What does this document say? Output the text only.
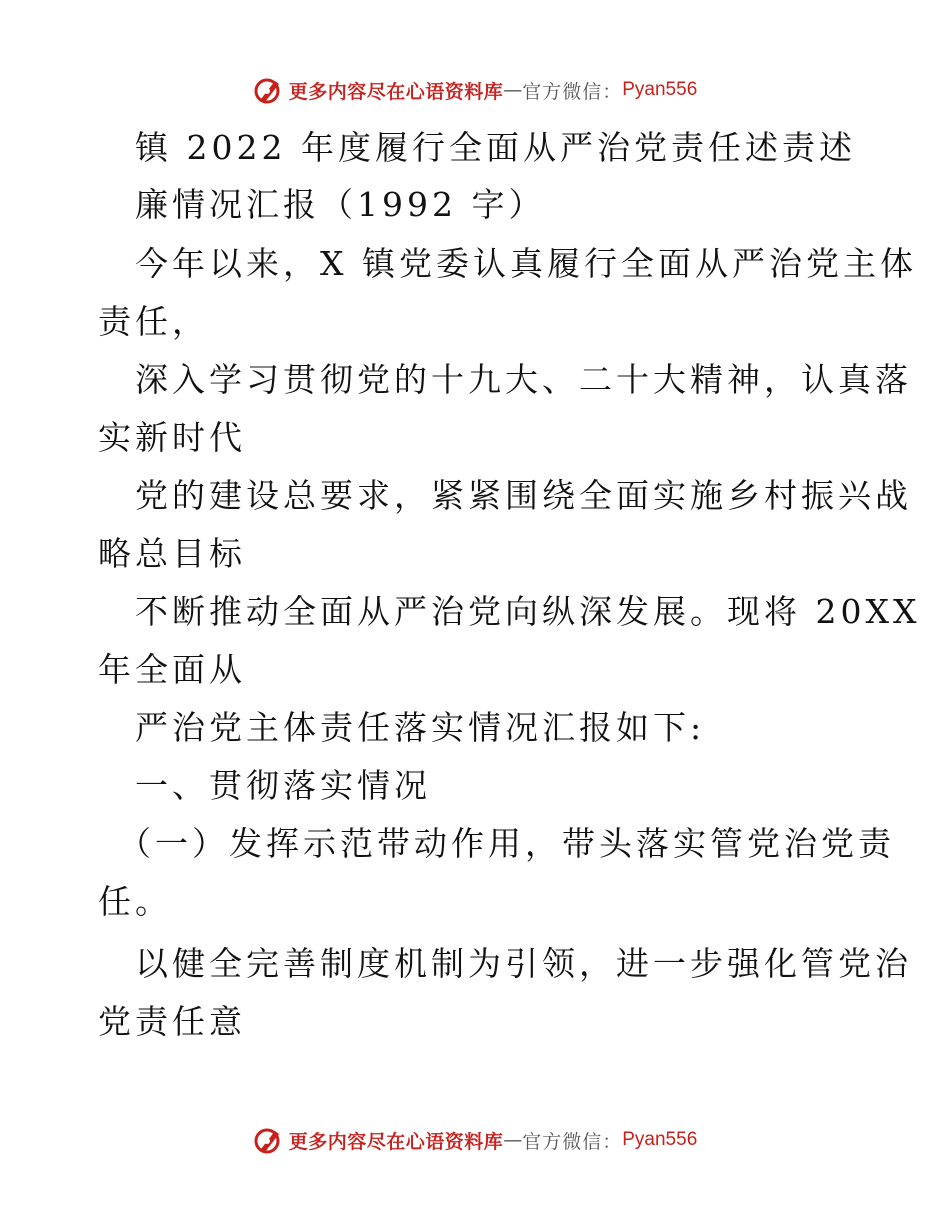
更多内容尽在心语资料库 — 官方微信： Pyan556

镇 2022 年度履行全面从严治党责任述责述

廉情况汇报（1992 字）

今年以来，X 镇党委认真履行全面从严治党主体

责任，

深入学习贯彻党的十九大、二十大精神，认真落

实新时代

党的建设总要求，紧紧围绕全面实施乡村振兴战

略总目标

不断推动全面从严治党向纵深发展。现将 20XX

年全面从

严治党主体责任落实情况汇报如下:

一、贯彻落实情况

（一）发挥示范带动作用，带头落实管党治党责

任。

以健全完善制度机制为引领，进一步强化管党治

党责任意

更多内容尽在心语资料库 — 官方微信： Pyan556
